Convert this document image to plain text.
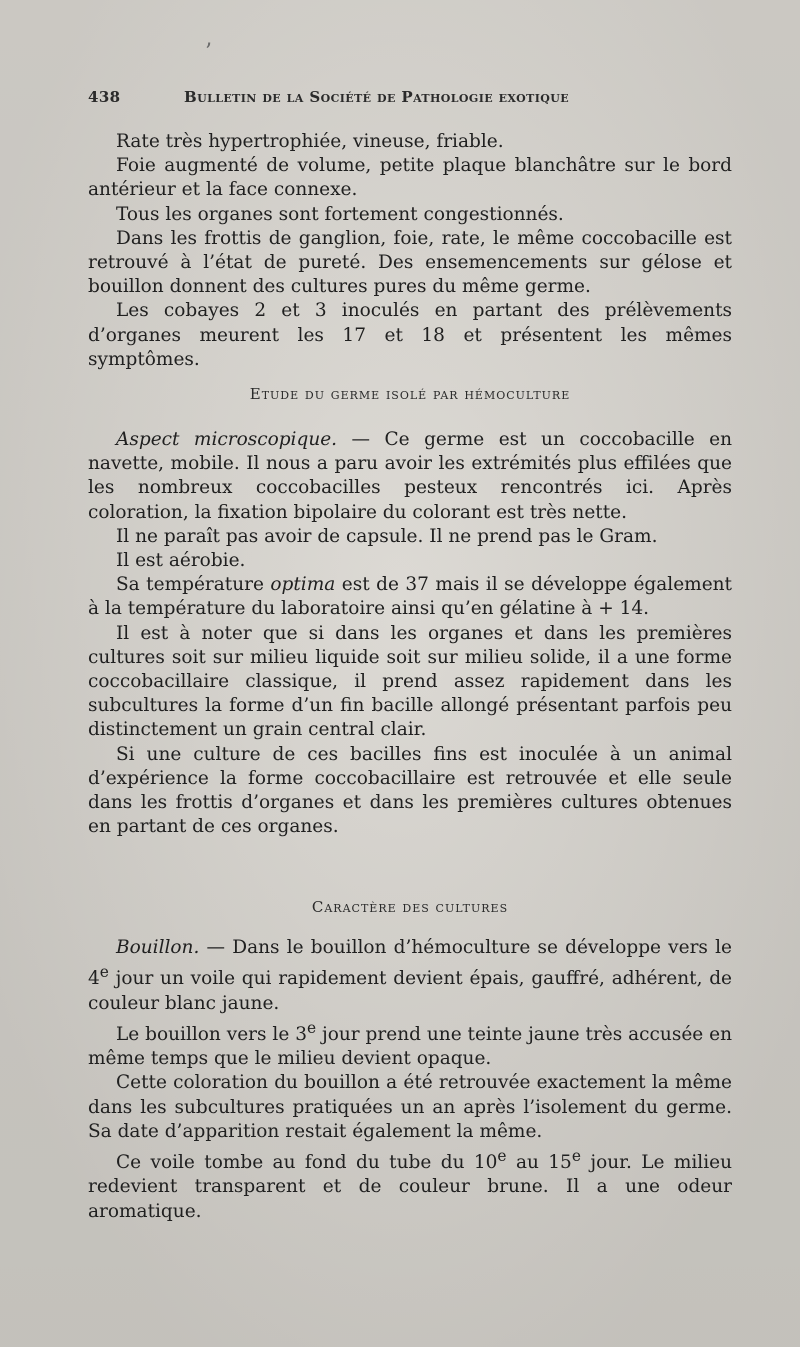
’
438	Bulletin de la Société de Pathologie exotique

Rate très hypertrophiée, vineuse, friable.

Foie augmenté de volume, petite plaque blanchâtre sur le bord antérieur et la face connexe.

Tous les organes sont fortement congestionnés.

Dans les frottis de ganglion, foie, rate, le même coccobacille est retrouvé à l’état de pureté. Des ensemencements sur gélose et bouillon donnent des cultures pures du même germe.

Les cobayes 2 et 3 inoculés en partant des prélèvements d’organes meurent les 17 et 18 et présentent les mêmes symptômes.

Etude du germe isolé par hémoculture

Aspect microscopique. — Ce germe est un coccobacille en navette, mobile. Il nous a paru avoir les extrémités plus effilées que les nombreux coccobacilles pesteux rencontrés ici. Après coloration, la fixation bipolaire du colorant est très nette.

Il ne paraît pas avoir de capsule. Il ne prend pas le Gram.

Il est aérobie.

Sa température optima est de 37 mais il se développe également à la température du laboratoire ainsi qu’en gélatine à + 14.

Il est à noter que si dans les organes et dans les premières cultures soit sur milieu liquide soit sur milieu solide, il a une forme coccobacillaire classique, il prend assez rapidement dans les subcultures la forme d’un fin bacille allongé présentant parfois peu distinctement un grain central clair.

Si une culture de ces bacilles fins est inoculée à un animal d’expérience la forme coccobacillaire est retrouvée et elle seule dans les frottis d’organes et dans les premières cultures obtenues en partant de ces organes.

Caractère des cultures

Bouillon. — Dans le bouillon d’hémoculture se développe vers le 4e jour un voile qui rapidement devient épais, gauffré, adhérent, de couleur blanc jaune.

Le bouillon vers le 3e jour prend une teinte jaune très accusée en même temps que le milieu devient opaque.

Cette coloration du bouillon a été retrouvée exactement la même dans les subcultures pratiquées un an après l’isolement du germe. Sa date d’apparition restait également la même.

Ce voile tombe au fond du tube du 10e au 15e jour. Le milieu redevient transparent et de couleur brune. Il a une odeur aromatique.
